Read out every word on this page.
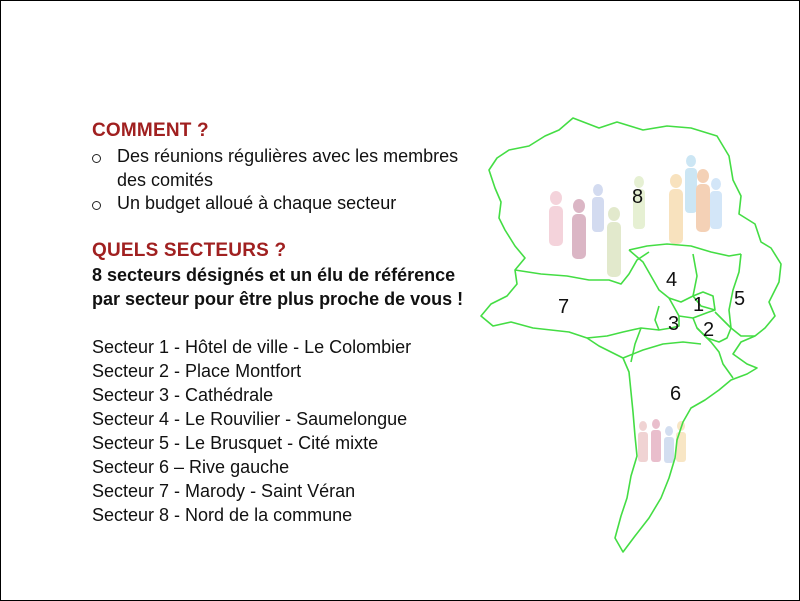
COMMENT ?
Des réunions régulières avec les membres des comités
Un budget alloué à chaque secteur
QUELS SECTEURS ?

8 secteurs désignés et un élu de référence par secteur pour être plus proche de vous !

Secteur 1 - Hôtel de ville - Le Colombier
Secteur 2 - Place Montfort
Secteur 3 - Cathédrale
Secteur 4 - Le Rouvilier - Saumelongue
Secteur 5 - Le Brusquet - Cité mixte
Secteur 6 – Rive gauche
Secteur 7 - Marody - Saint Véran
Secteur 8 - Nord de la commune
8
7
4
1 5
3 2
6
